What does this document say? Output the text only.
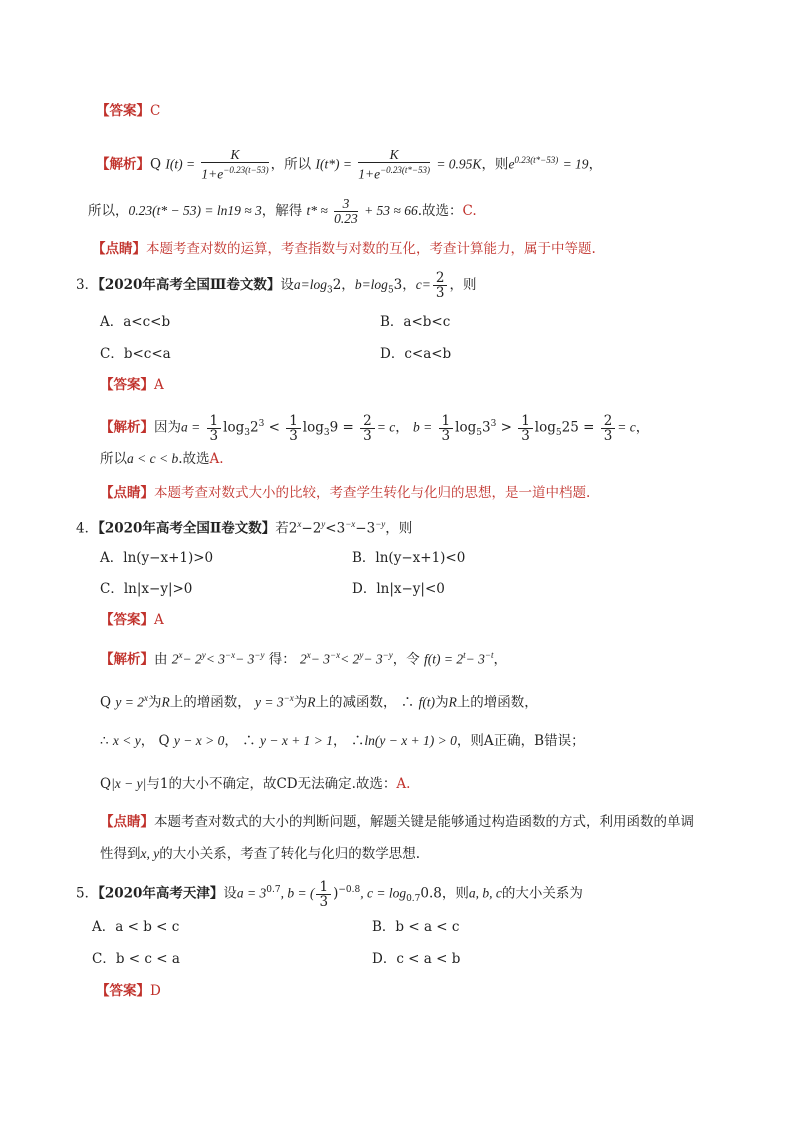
【答案】C
【解析】Q $I(t) = \frac{K}{1+e^{-0.23(t-53)}}$ ，所以 $I(t*) = \frac{K}{1+e^{-0.23(t*-53)}} = 0.95K$，则$e^{0.23(t*-53)} = 19$，
所以，0.23(t* − 53) = ln19 ≈ 3，解得 $t* \approx \frac{3}{0.23} + 53 \approx 66$.故选：C.
【点睛】本题考查对数的运算，考查指数与对数的互化，考查计算能力，属于中等题.
3．【2020年高考全国Ⅲ卷文数】设$a=\log_32$，$b=\log_53$，$c= \frac{2}{3}$ ，则
A．a<c<b	B．a<b<c
C．b<c<a	D．c<a<b
【答案】A
【解析】因为$a = \frac{1}{3} \log_32^3 < \frac{1}{3} \log_39 = \frac{2}{3} = c$， $b = \frac{1}{3} \log_53^3 > \frac{1}{3} \log_525 = \frac{2}{3} = c$，
所以a < c < b.故选A.
【点睛】本题考查对数式大小的比较，考查学生转化与化归的思想，是一道中档题.
4．【2020年高考全国Ⅱ卷文数】若$2^x-2^y<3^{-x}-3^{-y}$，则
A．ln(y−x+1)>0	B．ln(y−x+1)<0
C．ln|x−y|>0	D．ln|x−y|<0
【答案】A
【解析】由 $2^x- 2^y< 3^{-x}- 3^{-y}$ 得： $2^x- 3^{-x}< 2^y- 3^{-y}$，令 $f(t) = 2^t- 3^{-t}$，
Q $y = 2^x$为R上的增函数， $y = 3^{-x}$为R上的减函数， ∴ f(t)为R上的增函数，
∴ x < y， Q y − x > 0， ∴ y − x + 1 > 1， ∴ln(y − x + 1) > 0，则A正确，B错误；
Q|x − y|与1的大小不确定，故CD无法确定.故选：A.
【点睛】本题考查对数式的大小的判断问题，解题关键是能够通过构造函数的方式，利用函数的单调
性得到x, y的大小关系，考查了转化与化归的数学思想.
5．【2020年高考天津】设$a = 3^{0.7}$, b = ( $\frac{1}{3} )^{-0.8}$, $c = \log_{0.7}0.8$，则a, b, c的大小关系为
A．a < b < c	B．b < a < c
C．b < c < a	D．c < a < b
【答案】D
